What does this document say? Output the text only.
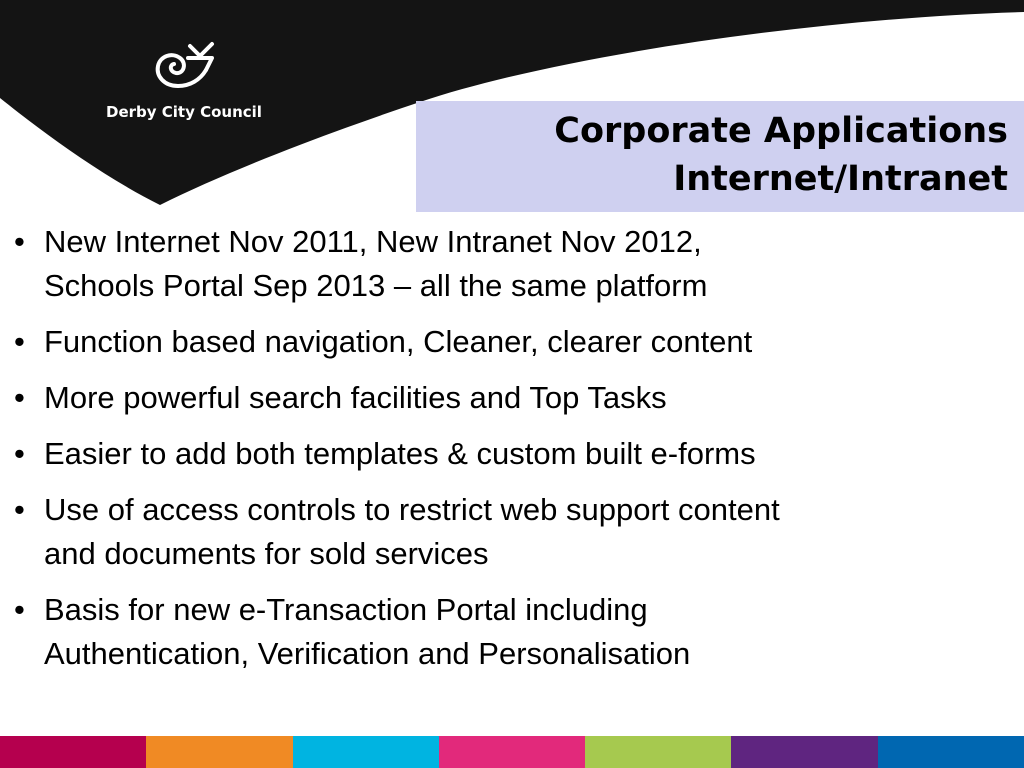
Derby City Council	Corporate Applications
Internet/Intranet
• New Internet Nov 2011, New Intranet Nov 2012,
Schools Portal Sep 2013 – all the same platform
• Function based navigation, Cleaner, clearer content
• More powerful search facilities and Top Tasks
• Easier to add both templates & custom built e-forms
• Use of access controls to restrict web support content
and documents for sold services
• Basis for new e-Transaction Portal including
Authentication, Verification and Personalisation
